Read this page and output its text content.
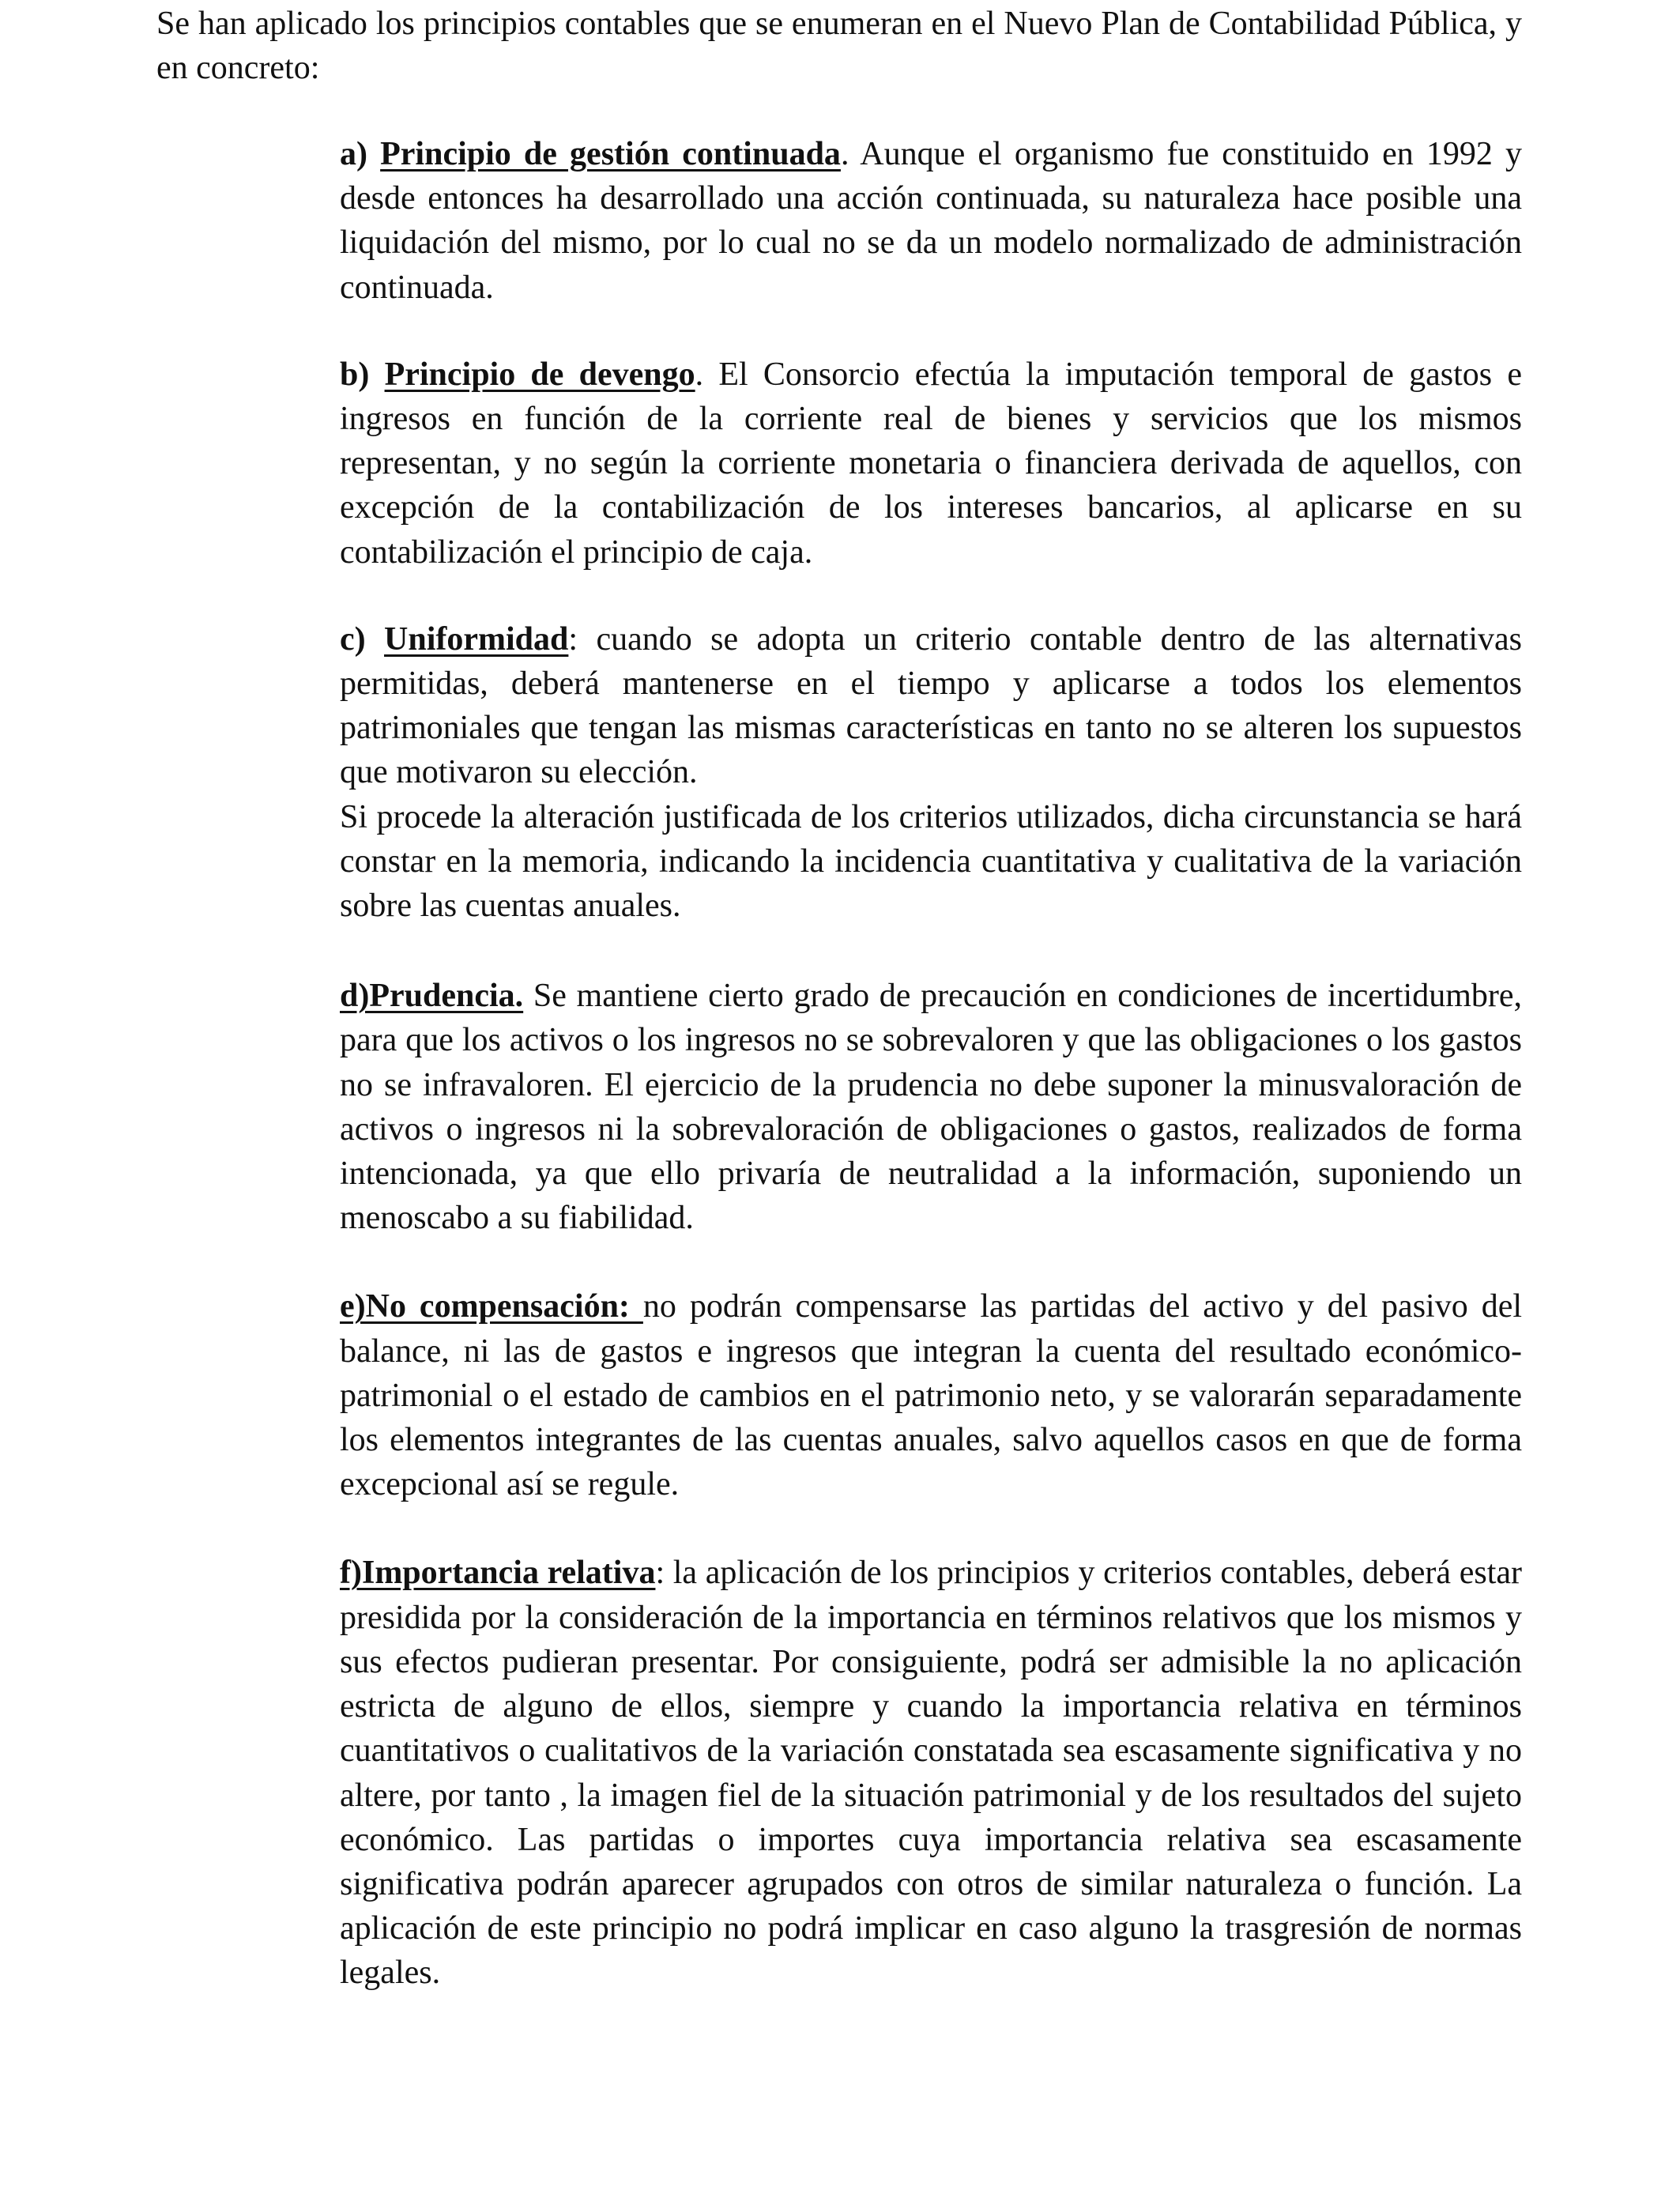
Se han aplicado los principios contables que se enumeran en el Nuevo Plan de Contabilidad Pública, y en concreto:

a) Principio de gestión continuada. Aunque el organismo fue constituido en 1992 y desde entonces ha desarrollado una acción continuada, su naturaleza hace posible una liquidación del mismo, por lo cual no se da un modelo normalizado de administración continuada.
b) Principio de devengo. El Consorcio efectúa la imputación temporal de gastos e ingresos en función de la corriente real de bienes y servicios que los mismos representan, y no según la corriente monetaria o financiera derivada de aquellos, con excepción de la contabilización de los intereses bancarios, al aplicarse en su contabilización el principio de caja.

c) Uniformidad: cuando se adopta un criterio contable dentro de las alternativas permitidas, deberá mantenerse en el tiempo y aplicarse a todos los elementos patrimoniales que tengan las mismas características en tanto no se alteren los supuestos que motivaron su elección.

Si procede la alteración justificada de los criterios utilizados, dicha circunstancia se hará constar en la memoria, indicando la incidencia cuantitativa y cualitativa de la variación sobre las cuentas anuales.

d)Prudencia. Se mantiene cierto grado de precaución en condiciones de incertidumbre, para que los activos o los ingresos no se sobrevaloren y que las obligaciones o los gastos no se infravaloren. El ejercicio de la prudencia no debe suponer la minusvaloración de activos o ingresos ni la sobrevaloración de obligaciones o gastos, realizados de forma intencionada, ya que ello privaría de neutralidad a la información, suponiendo un menoscabo a su fiabilidad.
e)No compensación: no podrán compensarse las partidas del activo y del pasivo del balance, ni las de gastos e ingresos que integran la cuenta del resultado económico-patrimonial o el estado de cambios en el patrimonio neto, y se valorarán separadamente los elementos integrantes de las cuentas anuales, salvo aquellos casos en que de forma excepcional así se regule.
f)Importancia relativa: la aplicación de los principios y criterios contables, deberá estar presidida por la consideración de la importancia en términos relativos que los mismos y sus efectos pudieran presentar. Por consiguiente, podrá ser admisible la no aplicación estricta de alguno de ellos, siempre y cuando la importancia relativa en términos cuantitativos o cualitativos de la variación constatada sea escasamente significativa y no altere, por tanto , la imagen fiel de la situación patrimonial y de los resultados del sujeto económico. Las partidas o importes cuya importancia relativa sea escasamente significativa podrán aparecer agrupados con otros de similar naturaleza o función. La aplicación de este principio no podrá implicar en caso alguno la trasgresión de normas legales.
